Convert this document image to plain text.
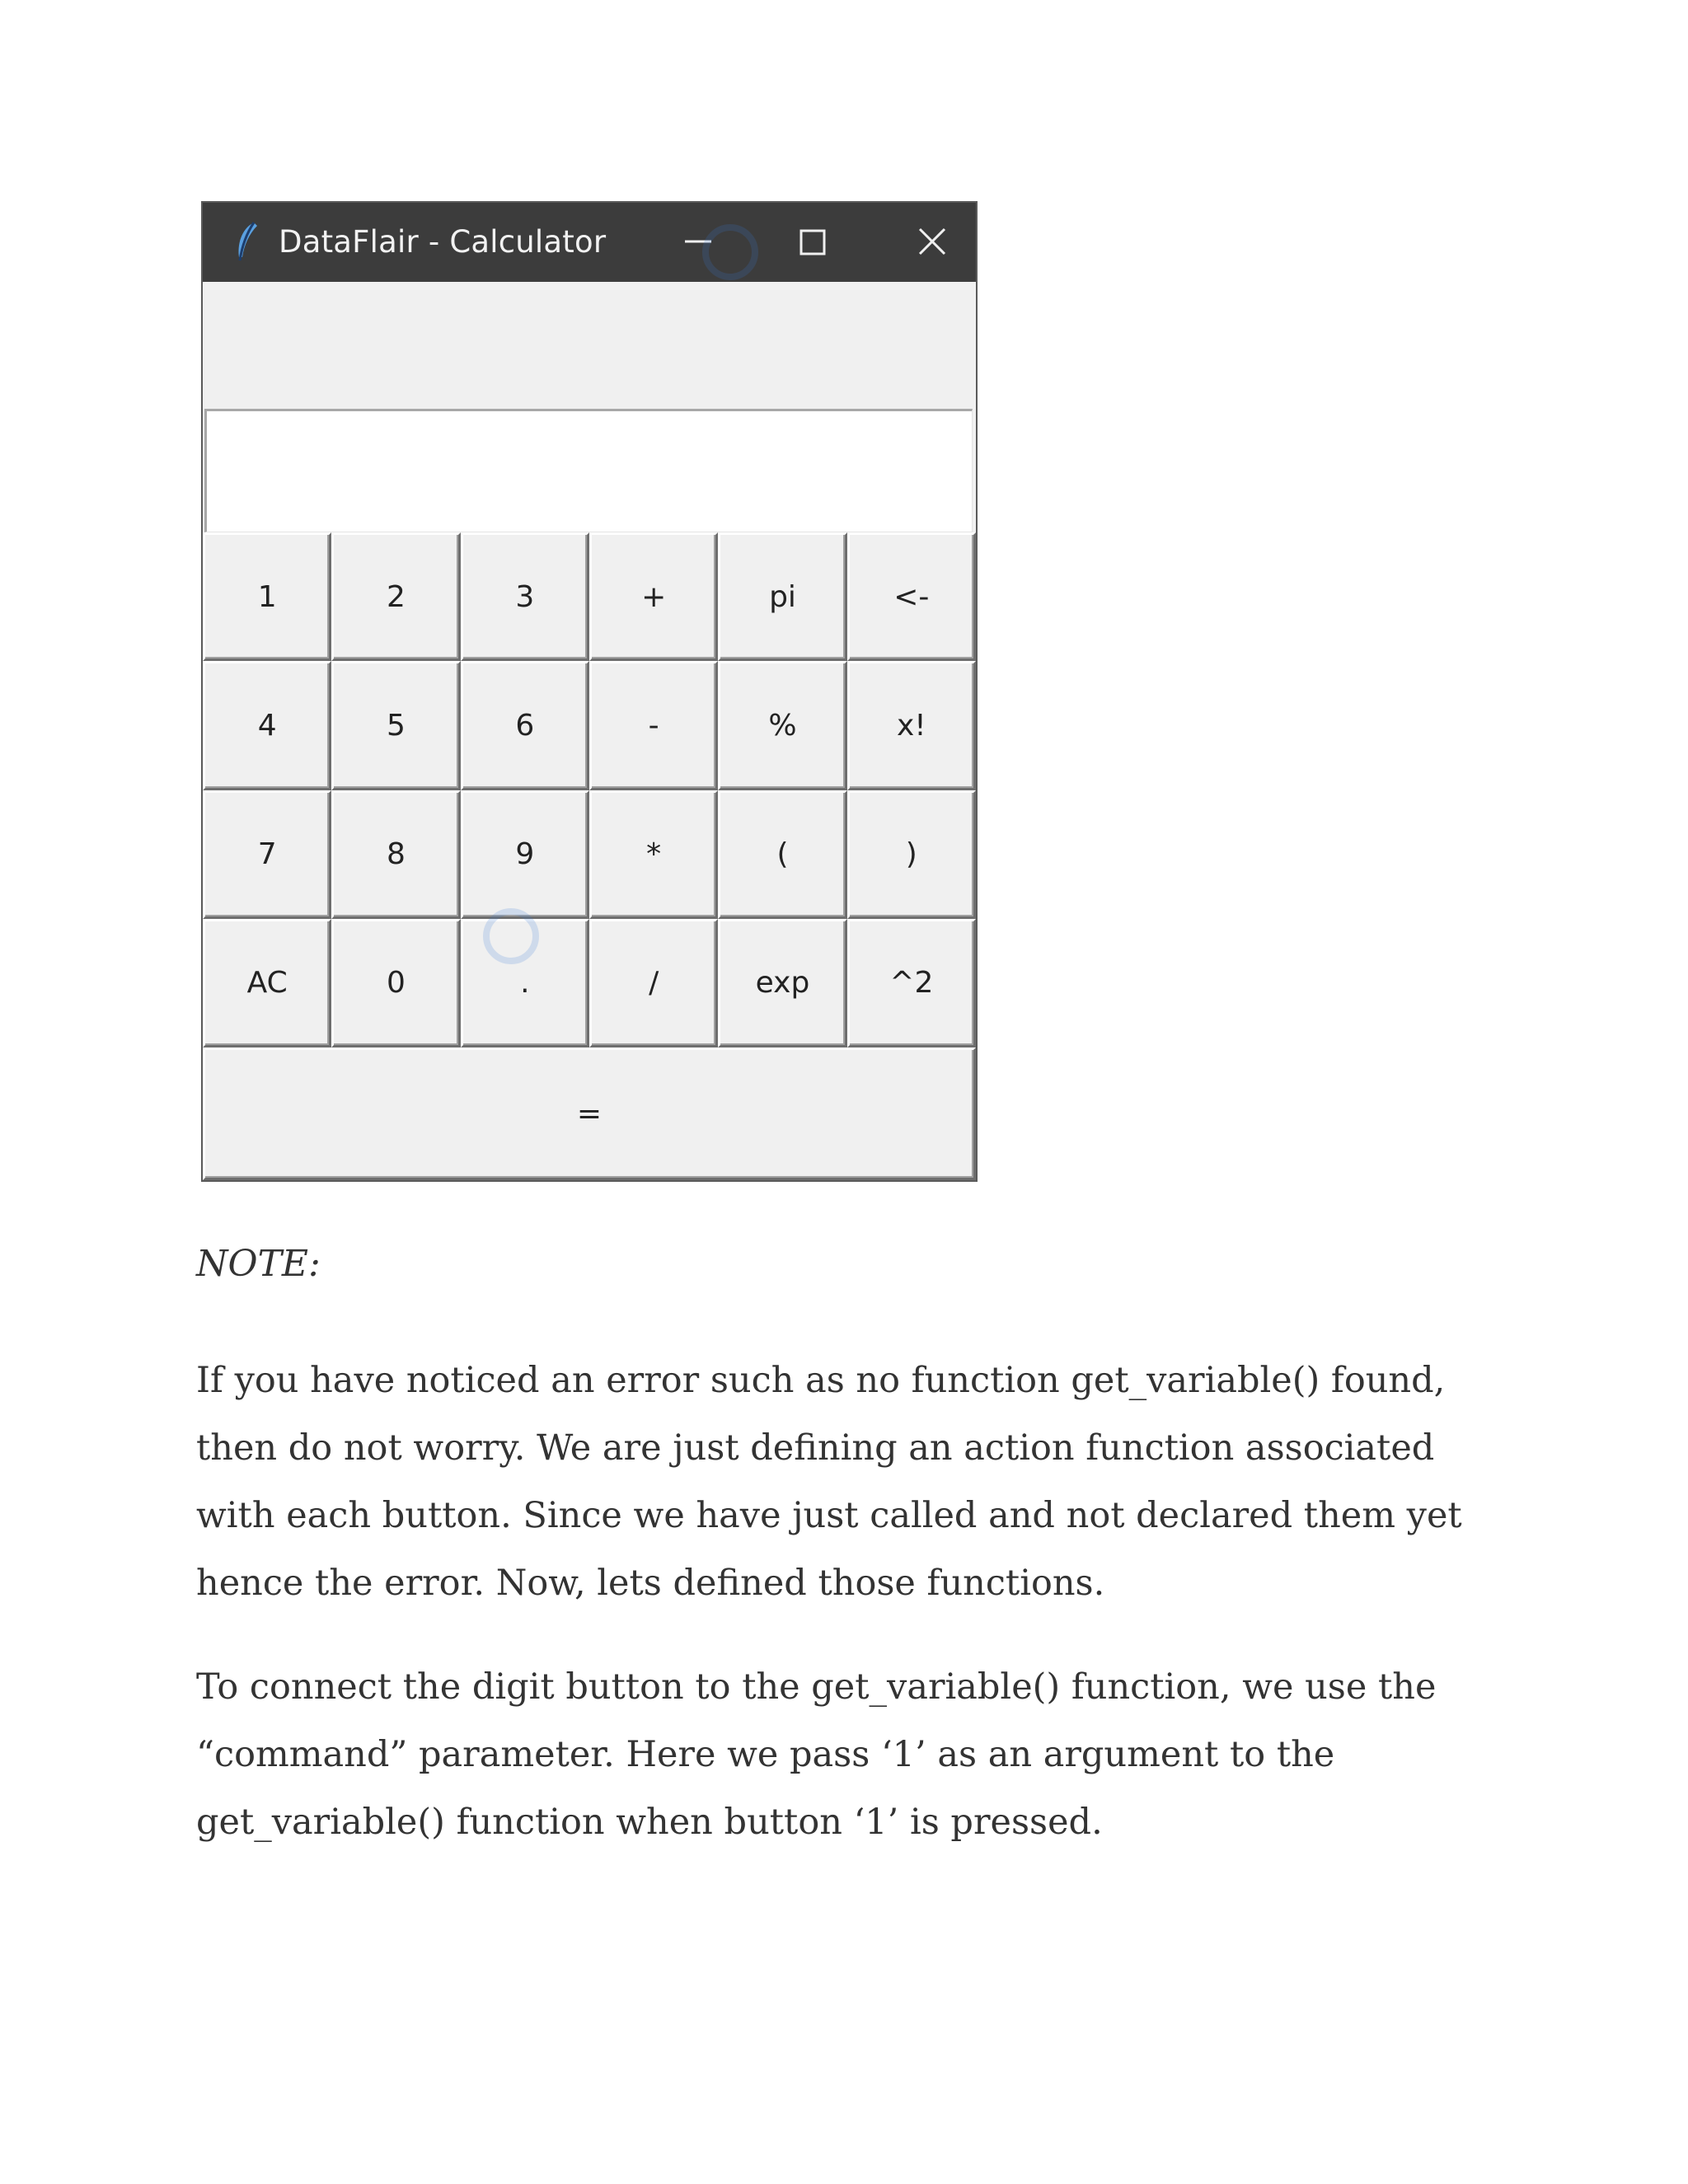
DataFlair - Calculator
1	2	3	+	pi	<-
4	5	6	-	%	x!
7	8	9	*	(	)
AC	0	.	/	exp	^2
=

NOTE:

If you have noticed an error such as no function get_variable() found, then do not worry. We are just defining an action function associated with each button. Since we have just called and not declared them yet hence the error. Now, lets defined those functions.

To connect the digit button to the get_variable() function, we use the “command” parameter. Here we pass ‘1’ as an argument to the get_variable() function when button ‘1’ is pressed.
